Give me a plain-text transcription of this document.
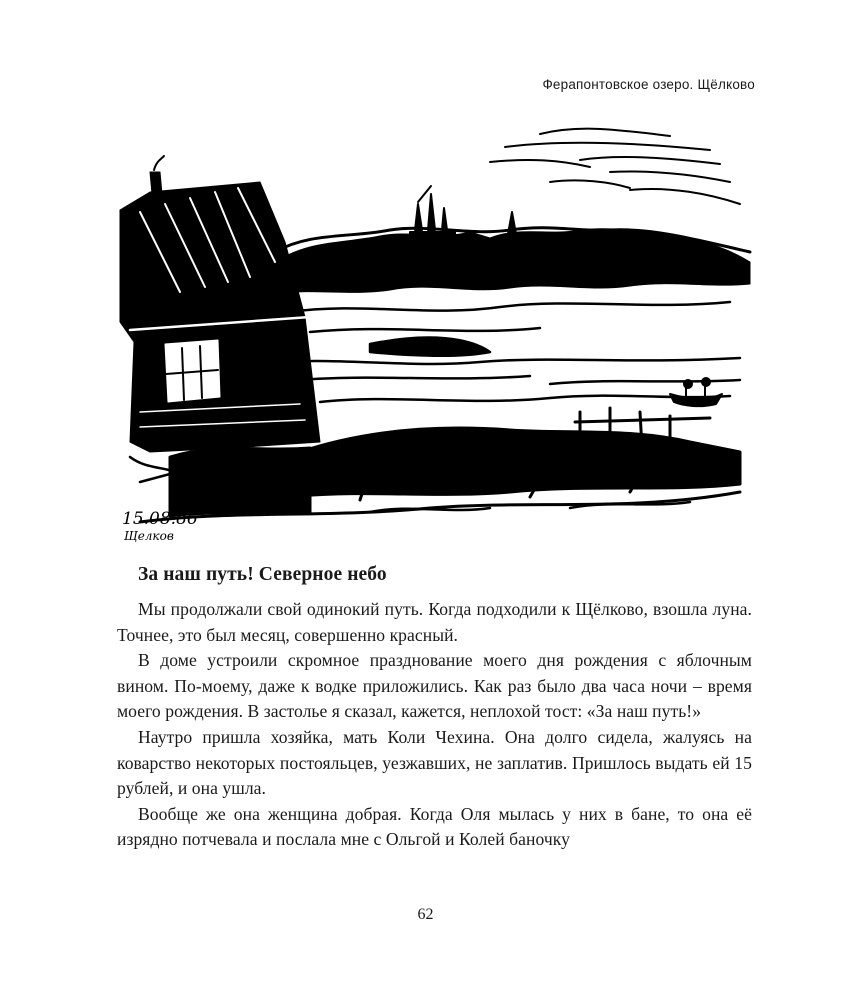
Ферапонтовское озеро. Щёлково
15.08.86
Щелков
За наш путь! Северное небо

Мы продолжали свой одинокий путь. Когда подходили к Щёлково, взошла луна. Точнее, это был месяц, совершенно красный.

В доме устроили скромное празднование моего дня рождения с яблочным вином. По-моему, даже к водке приложились. Как раз было два часа ночи – время моего рождения. В застолье я сказал, кажется, неплохой тост: «За наш путь!»

Наутро пришла хозяйка, мать Коли Чехина. Она долго сидела, жалуясь на коварство некоторых постояльцев, уезжавших, не заплатив. Пришлось выдать ей 15 рублей, и она ушла.

Вообще же она женщина добрая. Когда Оля мылась у них в бане, то она её изрядно потчевала и послала мне с Ольгой и Колей баночку

62
